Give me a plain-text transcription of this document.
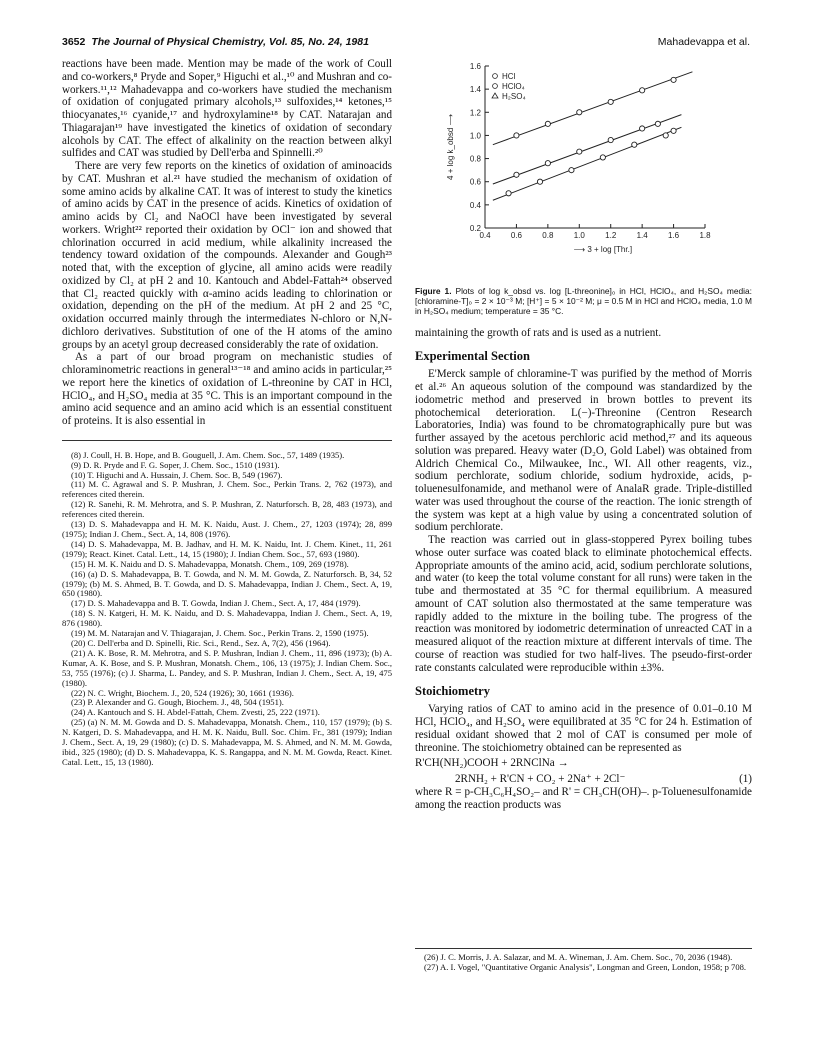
3652 The Journal of Physical Chemistry, Vol. 85, No. 24, 1981	Mahadevappa et al.

reactions have been made. Mention may be made of the work of Coull and co-workers,⁸ Pryde and Soper,⁹ Higuchi et al.,¹⁰ and Mushran and co-workers.¹¹,¹² Mahadevappa and co-workers have studied the mechanism of oxidation of conjugated primary alcohols,¹³ sulfoxides,¹⁴ ketones,¹⁵ thiocyanates,¹⁶ cyanide,¹⁷ and hydroxylamine¹⁸ by CAT. Natarajan and Thiagarajan¹⁹ have investigated the kinetics of oxidation of secondary alcohols by CAT. The effect of alkalinity on the reaction between alkyl sulfides and CAT was studied by Dell'erba and Spinnelli.²⁰

There are very few reports on the kinetics of oxidation of aminoacids by CAT. Mushran et al.²¹ have studied the mechanism of oxidation of some amino acids by alkaline CAT. It was of interest to study the kinetics of amino acids by CAT in the presence of acids. Kinetics of oxidation of amino acids by Cl₂ and NaOCl have been investigated by several workers. Wright²² reported their oxidation by OCl⁻ ion and showed that chlorination occurred in acid medium, while alkalinity increased the tendency toward oxidation of the compounds. Alexander and Gough²³ noted that, with the exception of glycine, all amino acids were readily oxidized by Cl₂ at pH 2 and 10. Kantouch and Abdel-Fattah²⁴ observed that Cl₂ reacted quickly with α-amino acids leading to chlorination or oxidation, depending on the pH of the medium. At pH 2 and 25 °C, oxidation occurred mainly through the intermediates N-chloro or N,N-dichloro derivatives. Substitution of one of the H atoms of the amino groups by an acetyl group decreased considerably the rate of oxidation.

As a part of our broad program on mechanistic studies of chloraminometric reactions in general¹³⁻¹⁸ and amino acids in particular,²⁵ we report here the kinetics of oxidation of L-threonine by CAT in HCl, HClO₄, and H₂SO₄ media at 35 °C. This is an important compound in the amino acid sequence and an amino acid which is an essential constituent of proteins. It is also essential in

(8) J. Coull, H. B. Hope, and B. Gouguell, J. Am. Chem. Soc., 57, 1489 (1935).

(9) D. R. Pryde and F. G. Soper, J. Chem. Soc., 1510 (1931).

(10) T. Higuchi and A. Hussain, J. Chem. Soc. B, 549 (1967).

(11) M. C. Agrawal and S. P. Mushran, J. Chem. Soc., Perkin Trans. 2, 762 (1973), and references cited therein.

(12) R. Sanehi, R. M. Mehrotra, and S. P. Mushran, Z. Naturforsch. B, 28, 483 (1973), and references cited therein.

(13) D. S. Mahadevappa and H. M. K. Naidu, Aust. J. Chem., 27, 1203 (1974); 28, 899 (1975); Indian J. Chem., Sect. A, 14, 808 (1976).

(14) D. S. Mahadevappa, M. B. Jadhav, and H. M. K. Naidu, Int. J. Chem. Kinet., 11, 261 (1979); React. Kinet. Catal. Lett., 14, 15 (1980); J. Indian Chem. Soc., 57, 693 (1980).

(15) H. M. K. Naidu and D. S. Mahadevappa, Monatsh. Chem., 109, 269 (1978).

(16) (a) D. S. Mahadevappa, B. T. Gowda, and N. M. M. Gowda, Z. Naturforsch. B, 34, 52 (1979); (b) M. S. Ahmed, B. T. Gowda, and D. S. Mahadevappa, Indian J. Chem., Sect. A, 19, 650 (1980).

(17) D. S. Mahadevappa and B. T. Gowda, Indian J. Chem., Sect. A, 17, 484 (1979).

(18) S. N. Katgeri, H. M. K. Naidu, and D. S. Mahadevappa, Indian J. Chem., Sect. A, 19, 876 (1980).

(19) M. M. Natarajan and V. Thiagarajan, J. Chem. Soc., Perkin Trans. 2, 1590 (1975).

(20) C. Dell'erba and D. Spinelli, Ric. Sci., Rend., Sez. A, 7(2), 456 (1964).

(21) A. K. Bose, R. M. Mehrotra, and S. P. Mushran, Indian J. Chem., 11, 896 (1973); (b) A. Kumar, A. K. Bose, and S. P. Mushran, Monatsh. Chem., 106, 13 (1975); J. Indian Chem. Soc., 53, 755 (1976); (c) J. Sharma, L. Pandey, and S. P. Mushran, Indian J. Chem., Sect. A, 19, 475 (1980).

(22) N. C. Wright, Biochem. J., 20, 524 (1926); 30, 1661 (1936).

(23) P. Alexander and G. Gough, Biochem. J., 48, 504 (1951).

(24) A. Kantouch and S. H. Abdel-Fattah, Chem. Zvesti, 25, 222 (1971).

(25) (a) N. M. M. Gowda and D. S. Mahadevappa, Monatsh. Chem., 110, 157 (1979); (b) S. N. Katgeri, D. S. Mahadevappa, and H. M. K. Naidu, Bull. Soc. Chim. Fr., 381 (1979); Indian J. Chem., Sect. A, 19, 29 (1980); (c) D. S. Mahadevappa, M. S. Ahmed, and N. M. M. Gowda, ibid., 325 (1980); (d) D. S. Mahadevappa, K. S. Rangappa, and N. M. M. Gowda, React. Kinet. Catal. Lett., 15, 13 (1980).

0.2
0.4
0.6
0.8
1.0
1.2
1.4
1.6
0.4	0.6	0.8	1.0	1.2	1.4	1.6	1.8
⟶ 3 + log [Thr.]
4 + log k_obsd ⟶
HCl
HClO₄
H₂SO₄
Figure 1. Plots of log k_obsd vs. log [L-threonine]₀ in HCl, HClO₄, and H₂SO₄ media: [chloramine-T]₀ = 2 × 10⁻³ M; [H⁺] = 5 × 10⁻² M; μ = 0.5 M in HCl and HClO₄ media, 1.0 M in H₂SO₄ medium; temperature = 35 °C.

maintaining the growth of rats and is used as a nutrient.

Experimental Section

E'Merck sample of chloramine-T was purified by the method of Morris et al.²⁶ An aqueous solution of the compound was standardized by the iodometric method and preserved in brown bottles to prevent its photochemical deterioration. L(−)-Threonine (Centron Research Laboratories, India) was found to be chromatographically pure but was further assayed by the acetous perchloric acid method,²⁷ and its aqueous solution was prepared. Heavy water (D₂O, Gold Label) was obtained from Aldrich Chemical Co., Milwaukee, Inc., WI. All other reagents, viz., sodium perchlorate, sodium chloride, sodium hydroxide, acids, p-toluenesulfonamide, and methanol were of AnalaR grade. Triple-distilled water was used throughout the course of the reaction. The ionic strength of the system was kept at a high value by using a concentrated solution of sodium perchlorate.

The reaction was carried out in glass-stoppered Pyrex boiling tubes whose outer surface was coated black to eliminate photochemical effects. Appropriate amounts of the amino acid, acid, sodium perchlorate solutions, and water (to keep the total volume constant for all runs) were taken in the tube and thermostated at 35 °C for thermal equilibrium. A measured amount of CAT solution also thermostated at the same temperature was rapidly added to the mixture in the boiling tube. The progress of the reaction was monitored by iodometric determination of unreacted CAT in a measured aliquot of the reaction mixture at different intervals of time. The course of reaction was studied for two half-lives. The pseudo-first-order rate constants calculated were reproducible within ±3%.

Stoichiometry

Varying ratios of CAT to amino acid in the presence of 0.01–0.10 M HCl, HClO₄, and H₂SO₄ were equilibrated at 35 °C for 24 h. Estimation of residual oxidant showed that 2 mol of CAT is consumed per mole of threonine. The stoichiometry obtained can be represented as

R'CH(NH₂)COOH + 2RNClNa →
2RNH₂ + R'CN + CO₂ + 2Na⁺ + 2Cl⁻	(1)

where R = p-CH₃C₆H₄SO₂– and R' = CH₃CH(OH)–. p-Toluenesulfonamide among the reaction products was

(26) J. C. Morris, J. A. Salazar, and M. A. Wineman, J. Am. Chem. Soc., 70, 2036 (1948).

(27) A. I. Vogel, "Quantitative Organic Analysis", Longman and Green, London, 1958; p 708.
